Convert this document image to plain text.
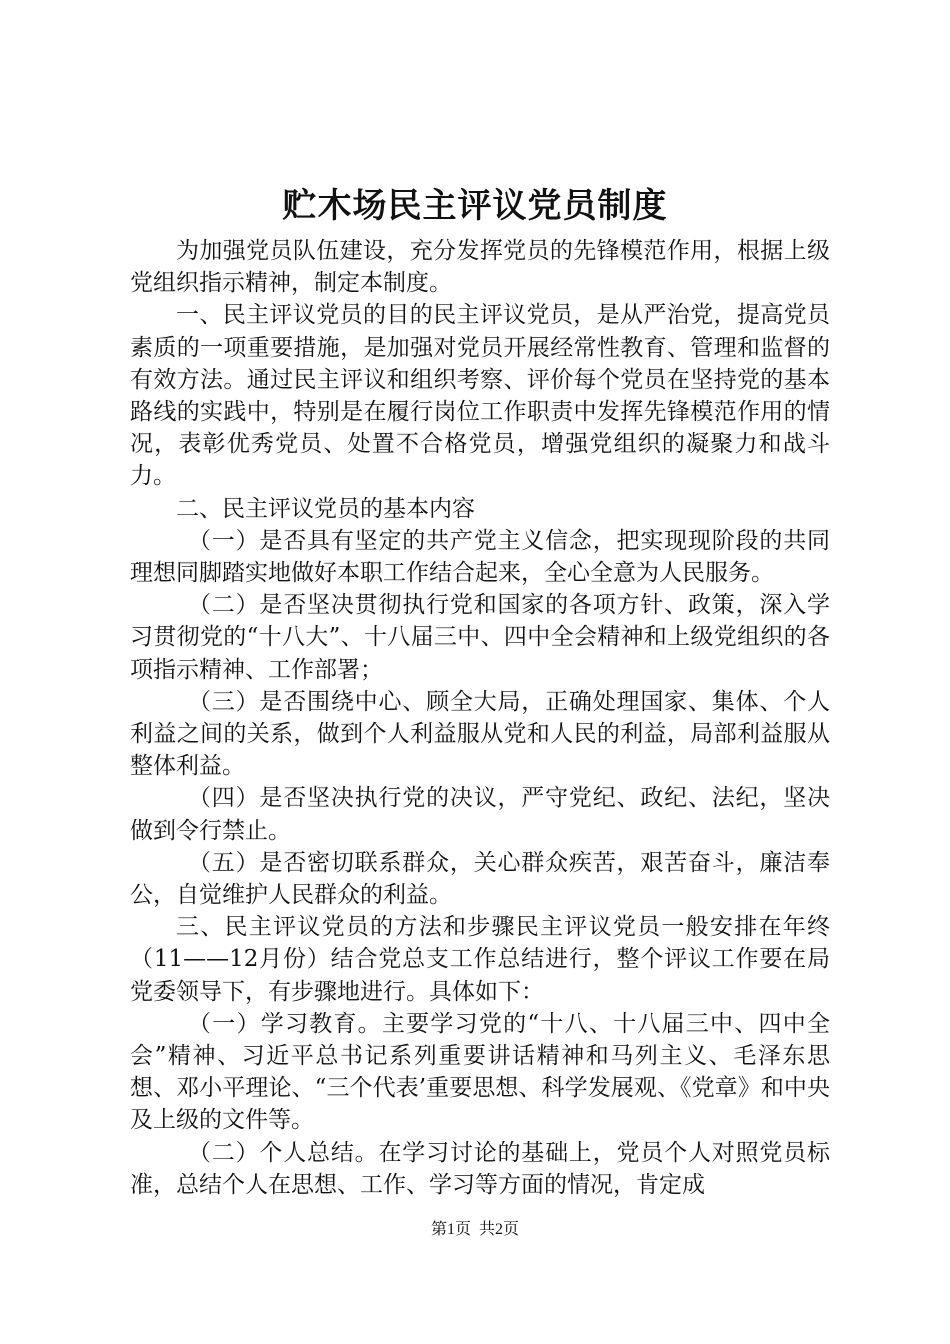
贮木场民主评议党员制度

为加强党员队伍建设，充分发挥党员的先锋模范作用，根据上级党组织指示精神，制定本制度。

一、民主评议党员的目的民主评议党员，是从严治党，提高党员素质的一项重要措施，是加强对党员开展经常性教育、管理和监督的有效方法。通过民主评议和组织考察、评价每个党员在坚持党的基本路线的实践中，特别是在履行岗位工作职责中发挥先锋模范作用的情况，表彰优秀党员、处置不合格党员，增强党组织的凝聚力和战斗力。

二、民主评议党员的基本内容

（一）是否具有坚定的共产党主义信念，把实现现阶段的共同理想同脚踏实地做好本职工作结合起来，全心全意为人民服务。

（二）是否坚决贯彻执行党和国家的各项方针、政策，深入学习贯彻党的“十八大”、十八届三中、四中全会精神和上级党组织的各项指示精神、工作部署；

（三）是否围绕中心、顾全大局，正确处理国家、集体、个人利益之间的关系，做到个人利益服从党和人民的利益，局部利益服从整体利益。

（四）是否坚决执行党的决议，严守党纪、政纪、法纪，坚决做到令行禁止。

（五）是否密切联系群众，关心群众疾苦，艰苦奋斗，廉洁奉公，自觉维护人民群众的利益。

三、民主评议党员的方法和步骤民主评议党员一般安排在年终（11——12月份）结合党总支工作总结进行，整个评议工作要在局党委领导下，有步骤地进行。具体如下：

（一）学习教育。主要学习党的“十八、十八届三中、四中全会”精神、习近平总书记系列重要讲话精神和马列主义、毛泽东思想、邓小平理论、“三个代表’重要思想、科学发展观、《党章》和中央及上级的文件等。

（二）个人总结。在学习讨论的基础上，党员个人对照党员标准，总结个人在思想、工作、学习等方面的情况，肯定成

第1页 共2页
